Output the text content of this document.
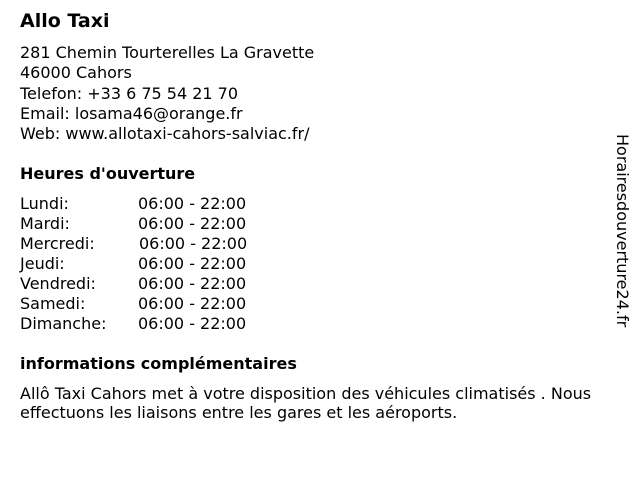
Allo Taxi
281 Chemin Tourterelles La Gravette
46000 Cahors
Telefon: +33 6 75 54 21 70
Email: losama46@orange.fr
Web: www.allotaxi-cahors-salviac.fr/
Heures d'ouverture
Lundi:	06:00 - 22:00
Mardi:	06:00 - 22:00
Mercredi:	06:00 - 22:00
Jeudi:	06:00 - 22:00
Vendredi:	06:00 - 22:00
Samedi:	06:00 - 22:00
Dimanche: 06:00 - 22:00
informations complémentaires
Allô Taxi Cahors met à votre disposition des véhicules climatisés . Nous effectuons les liaisons entre les gares et les aéroports.
Horairesdouverture24.fr
